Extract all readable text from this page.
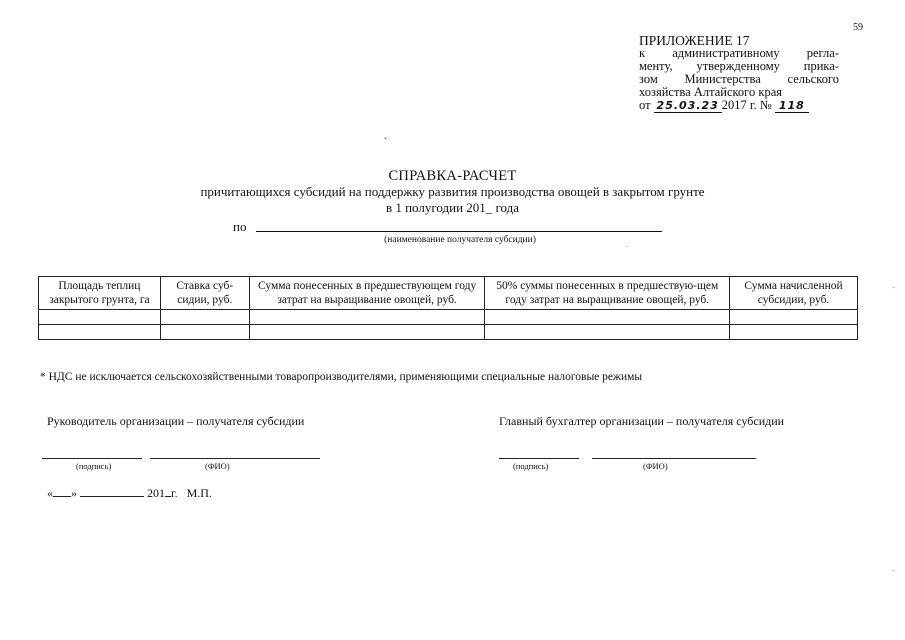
59
ПРИЛОЖЕНИЕ 17
к административному регла-
менту, утвержденному прика-
зом Министерства сельского
хозяйства Алтайского края
от 25.03.23 2017 г. № 118
ˇ
СПРАВКА-РАСЧЕТ
причитающихся субсидий на поддержку развития производства овощей в закрытом грунте
в 1 полугодии 201_ года
по
(наименование получателя субсидии)
Площадь теплиц закрытого грунта, га	Ставка суб-сидии, руб.	Сумма понесенных в предшествующем году затрат на выращивание овощей, руб.	50% суммы понесенных в предшествую-щем году затрат на выращивание овощей, руб.	Сумма начисленной субсидии, руб.

* НДС не исключается сельскохозяйственными товаропроизводителями, применяющими специальные налоговые режимы
Руководитель организации – получателя субсидии
(подпись)	(ФИО)
Главный бухгалтер организации – получателя субсидии
(подпись)	(ФИО)
« »	201 г. М.П.
-
-
.
